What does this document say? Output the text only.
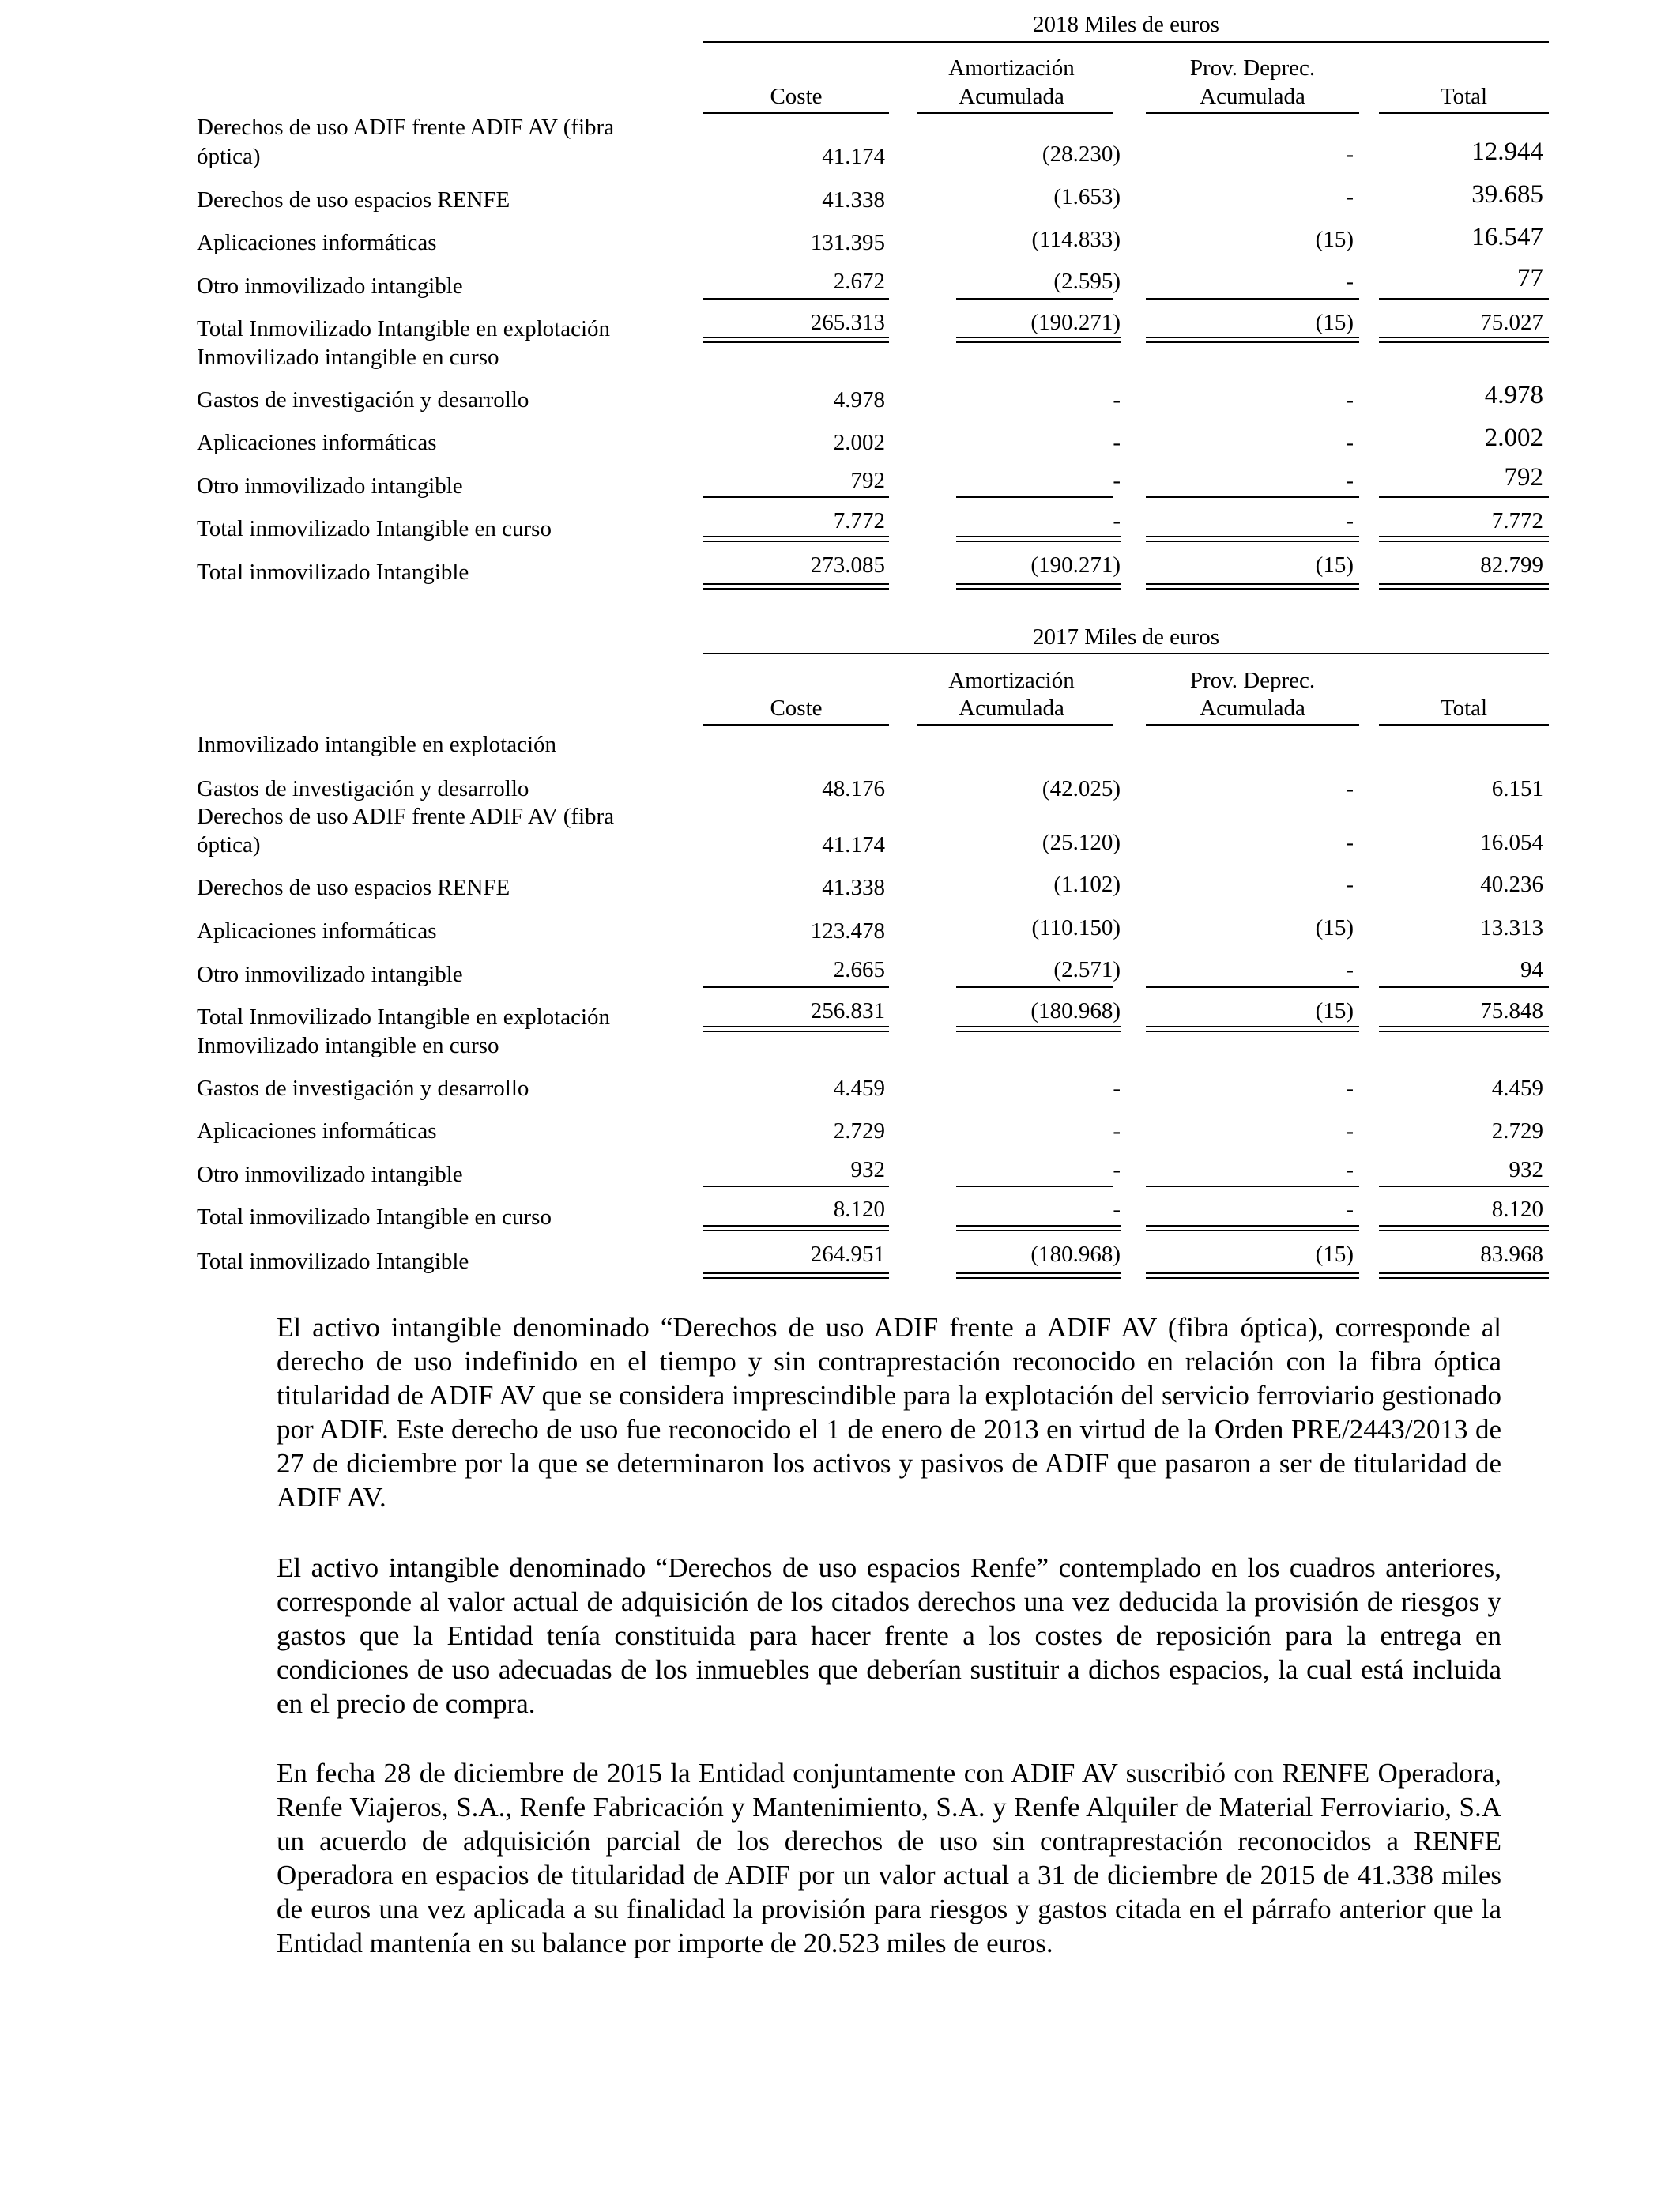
2018 Miles de euros
Amortización	Prov. Deprec.
Coste	Acumulada	Acumulada	Total
Derechos de uso ADIF frente ADIF AV (fibra
óptica)	41.174	(28.230)	-	12.944
Derechos de uso espacios RENFE	41.338	(1.653)	-	39.685
Aplicaciones informáticas	131.395	(114.833)	(15)	16.547
Otro inmovilizado intangible	2.672	(2.595)	-	77
Total Inmovilizado Intangible en explotación	265.313	(190.271)	(15)	75.027
Inmovilizado intangible en curso
Gastos de investigación y desarrollo	4.978	-	-	4.978
Aplicaciones informáticas	2.002	-	-	2.002
Otro inmovilizado intangible	792	-	-	792
Total inmovilizado Intangible en curso	7.772	-	-	7.772
Total inmovilizado Intangible	273.085	(190.271)	(15)	82.799
2017 Miles de euros
Amortización	Prov. Deprec.
Coste	Acumulada	Acumulada	Total
Inmovilizado intangible en explotación
Gastos de investigación y desarrollo	48.176	(42.025)	-	6.151
Derechos de uso ADIF frente ADIF AV (fibra
óptica)	41.174	(25.120)	-	16.054
Derechos de uso espacios RENFE	41.338	(1.102)	-	40.236
Aplicaciones informáticas	123.478	(110.150)	(15)	13.313
Otro inmovilizado intangible	2.665	(2.571)	-	94
Total Inmovilizado Intangible en explotación	256.831	(180.968)	(15)	75.848
Inmovilizado intangible en curso
Gastos de investigación y desarrollo	4.459	-	-	4.459
Aplicaciones informáticas	2.729	-	-	2.729
Otro inmovilizado intangible	932	-	-	932
Total inmovilizado Intangible en curso	8.120	-	-	8.120
Total inmovilizado Intangible	264.951	(180.968)	(15)	83.968

El activo intangible denominado “Derechos de uso ADIF frente a ADIF AV (fibra óptica), corresponde al derecho de uso indefinido en el tiempo y sin contraprestación reconocido en relación con la fibra óptica titularidad de ADIF AV que se considera imprescindible para la explotación del servicio ferroviario gestionado por ADIF. Este derecho de uso fue reconocido el 1 de enero de 2013 en virtud de la Orden PRE/2443/2013 de 27 de diciembre por la que se determinaron los activos y pasivos de ADIF que pasaron a ser de titularidad de ADIF AV.

El activo intangible denominado “Derechos de uso espacios Renfe” contemplado en los cuadros anteriores, corresponde al valor actual de adquisición de los citados derechos una vez deducida la provisión de riesgos y gastos que la Entidad tenía constituida para hacer frente a los costes de reposición para la entrega en condiciones de uso adecuadas de los inmuebles que deberían sustituir a dichos espacios, la cual está incluida en el precio de compra.

En fecha 28 de diciembre de 2015 la Entidad conjuntamente con ADIF AV suscribió con RENFE Operadora, Renfe Viajeros, S.A., Renfe Fabricación y Mantenimiento, S.A. y Renfe Alquiler de Material Ferroviario, S.A un acuerdo de adquisición parcial de los derechos de uso sin contraprestación reconocidos a RENFE Operadora en espacios de titularidad de ADIF por un valor actual a 31 de diciembre de 2015 de 41.338 miles de euros una vez aplicada a su finalidad la provisión para riesgos y gastos citada en el párrafo anterior que la Entidad mantenía en su balance por importe de 20.523 miles de euros.
